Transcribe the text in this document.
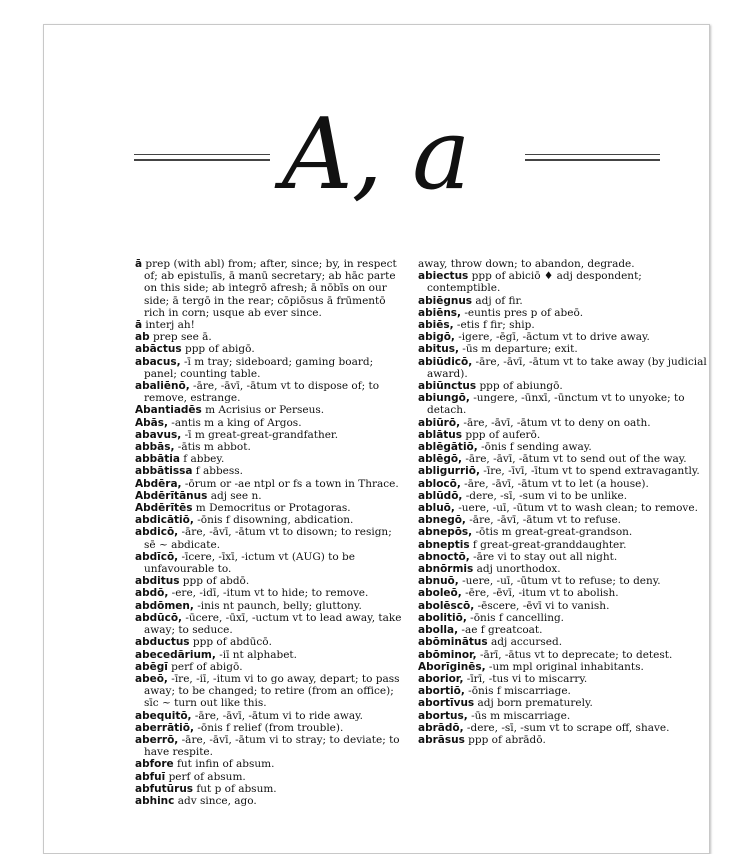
A, a

ā prep (with abl) from; after, since; by, in respect of; ab epistulīs, ā manū secretary; ab hāc parte on this side; ab integrō afresh; ā nōbīs on our side; ā tergō in the rear; cōpiōsus ā frūmentō rich in corn; usque ab ever since.

ā interj ah!

ab prep see ā.

abāctus ppp of abigō.

abacus, -ī m tray; sideboard; gaming board; panel; counting table.

abaliēnō, -āre, -āvī, -ātum vt to dispose of; to remove, estrange.

Abantiadēs m Acrisius or Perseus.

Abās, -antis m a king of Argos.

abavus, -ī m great-great-grandfather.

abbās, -ātis m abbot.

abbātia f abbey.

abbātissa f abbess.

Abdēra, -ōrum or -ae ntpl or fs a town in Thrace.

Abdērītānus adj see n.

Abdērītēs m Democritus or Protagoras.

abdicātiō, -ōnis f disowning, abdication.

abdicō, -āre, -āvī, -ātum vt to disown; to resign; sē ~ abdicate.

abdīcō, -īcere, -īxī, -ictum vt (AUG) to be unfavourable to.

abditus ppp of abdō.

abdō, -ere, -idī, -itum vt to hide; to remove.

abdōmen, -inis nt paunch, belly; gluttony.

abdūcō, -ūcere, -ūxī, -uctum vt to lead away, take away; to seduce.

abductus ppp of abdūcō.

abecedārium, -iī nt alphabet.

abēgī perf of abigō.

abeō, -īre, -iī, -itum vi to go away, depart; to pass away; to be changed; to retire (from an office); sīc ~ turn out like this.

abequitō, -āre, -āvī, -ātum vi to ride away.

aberrātiō, -ōnis f relief (from trouble).

aberrō, -āre, -āvī, -ātum vi to stray; to deviate; to have respite.

abfore fut infin of absum.

abfuī perf of absum.

abfutūrus fut p of absum.

abhinc adv since, ago.

away, throw down; to abandon, degrade.

abiectus ppp of abiciō ♦ adj despondent; contemptible.

abiēgnus adj of fir.

abiēns, -euntis pres p of abeō.

abiēs, -etis f fir; ship.

abigō, -igere, -ēgī, -āctum vt to drive away.

abitus, -ūs m departure; exit.

abiūdicō, -āre, -āvī, -ātum vt to take away (by judicial award).

abiūnctus ppp of abiungō.

abiungō, -ungere, -ūnxī, -ūnctum vt to unyoke; to detach.

abiūrō, -āre, -āvī, -ātum vt to deny on oath.

ablātus ppp of auferō.

ablēgātiō, -ōnis f sending away.

ablēgō, -āre, -āvī, -ātum vt to send out of the way.

abligurriō, -īre, -īvī, -ītum vt to spend extravagantly.

ablocō, -āre, -āvī, -ātum vt to let (a house).

ablūdō, -dere, -sī, -sum vi to be unlike.

abluō, -uere, -uī, -ūtum vt to wash clean; to remove.

abnegō, -āre, -āvī, -ātum vt to refuse.

abnepōs, -ōtis m great-great-grandson.

abneptis f great-great-granddaughter.

abnoctō, -āre vi to stay out all night.

abnōrmis adj unorthodox.

abnuō, -uere, -uī, -ūtum vt to refuse; to deny.

aboleō, -ēre, -ēvī, -itum vt to abolish.

abolēscō, -ēscere, -ēvī vi to vanish.

abolitiō, -ōnis f cancelling.

abolla, -ae f greatcoat.

abōminātus adj accursed.

abōminor, -ārī, -ātus vt to deprecate; to detest.

Aborīginēs, -um mpl original inhabitants.

aborior, -īrī, -tus vi to miscarry.

abortiō, -ōnis f miscarriage.

abortīvus adj born prematurely.

abortus, -ūs m miscarriage.

abrādō, -dere, -sī, -sum vt to scrape off, shave.

abrāsus ppp of abrādō.
